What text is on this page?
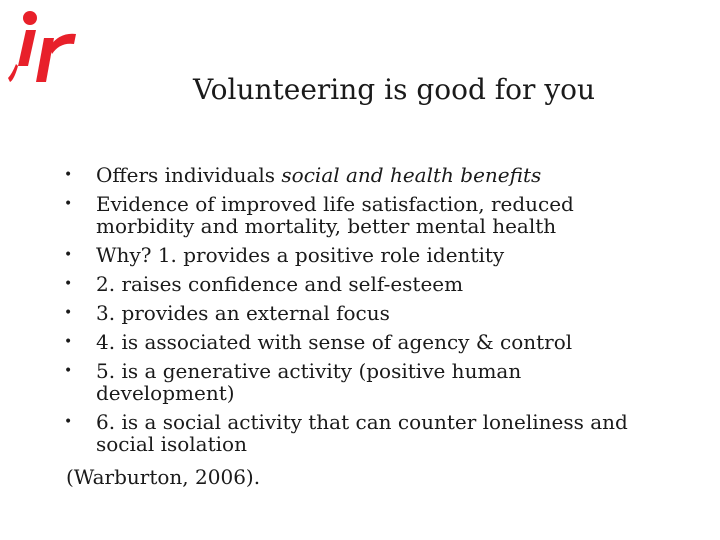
Volunteering is good for you
• Offers individuals social and health benefits
• Evidence of improved life satisfaction, reduced
morbidity and mortality, better mental health
• Why? 1. provides a positive role identity
• 2. raises confidence and self-esteem
• 3. provides an external focus
• 4. is associated with sense of agency & control
• 5. is a generative activity (positive human
development)
• 6. is a social activity that can counter loneliness and
social isolation
(Warburton, 2006).
